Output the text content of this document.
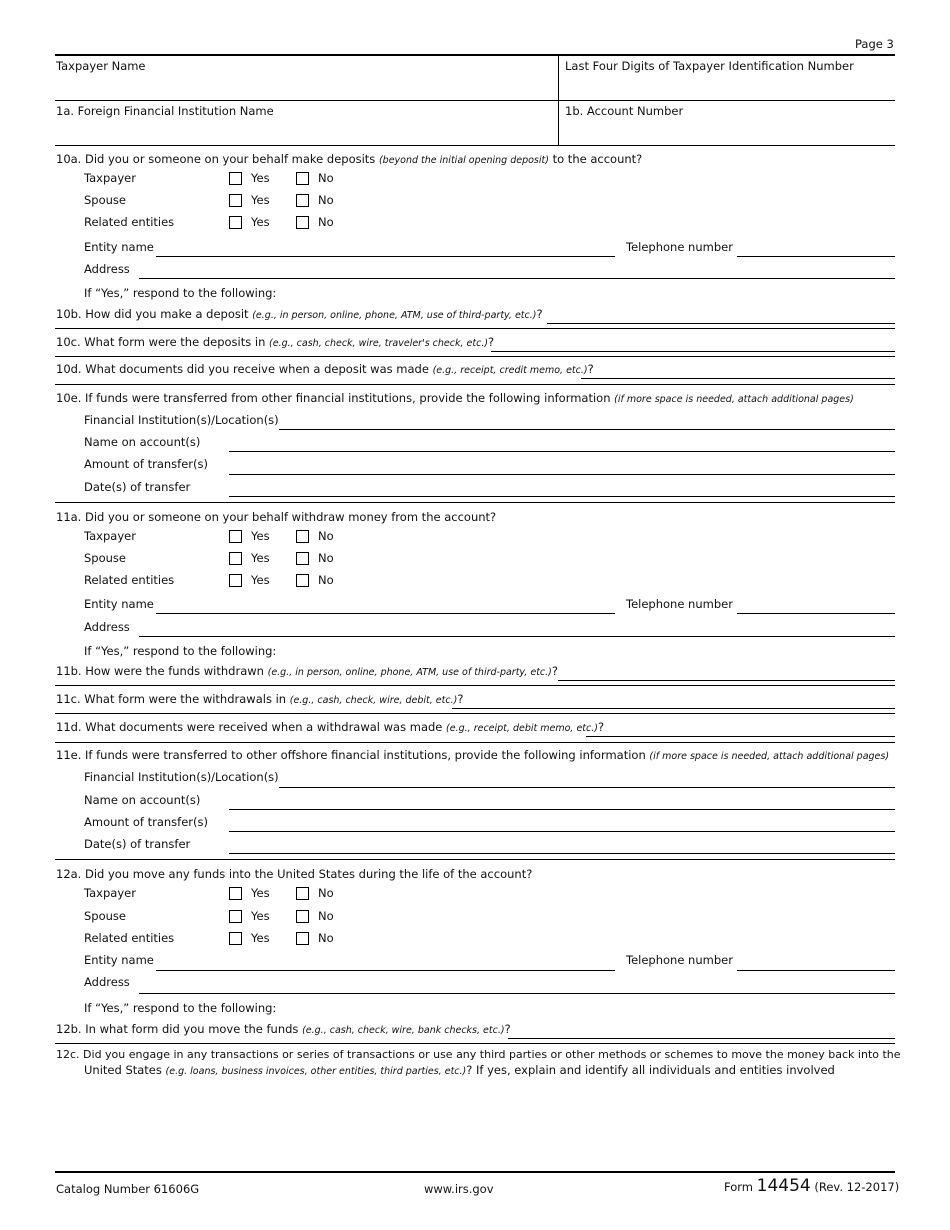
Page 3
Taxpayer Name	Last Four Digits of Taxpayer Identification Number
1a. Foreign Financial Institution Name	1b. Account Number
10a. Did you or someone on your behalf make deposits (beyond the initial opening deposit) to the account?
Taxpayer	Yes	No
Spouse	Yes	No
Related entities	Yes	No
Entity name	Telephone number
Address
If “Yes,” respond to the following:
10b. How did you make a deposit (e.g., in person, online, phone, ATM, use of third-party, etc.)?
10c. What form were the deposits in (e.g., cash, check, wire, traveler's check, etc.)?
10d. What documents did you receive when a deposit was made (e.g., receipt, credit memo, etc.)?
10e. If funds were transferred from other financial institutions, provide the following information (if more space is needed, attach additional pages)
Financial Institution(s)/Location(s)
Name on account(s)
Amount of transfer(s)
Date(s) of transfer
11a. Did you or someone on your behalf withdraw money from the account?
Taxpayer	Yes	No
Spouse	Yes	No
Related entities	Yes	No
Entity name	Telephone number
Address
If “Yes,” respond to the following:
11b. How were the funds withdrawn (e.g., in person, online, phone, ATM, use of third-party, etc.)?
11c. What form were the withdrawals in (e.g., cash, check, wire, debit, etc.)?
11d. What documents were received when a withdrawal was made (e.g., receipt, debit memo, etc.)?
11e. If funds were transferred to other offshore financial institutions, provide the following information (if more space is needed, attach additional pages)
Financial Institution(s)/Location(s)
Name on account(s)
Amount of transfer(s)
Date(s) of transfer
12a. Did you move any funds into the United States during the life of the account?
Taxpayer	Yes	No
Spouse	Yes	No
Related entities	Yes	No
Entity name	Telephone number
Address
If “Yes,” respond to the following:
12b. In what form did you move the funds (e.g., cash, check, wire, bank checks, etc.)?
12c. Did you engage in any transactions or series of transactions or use any third parties or other methods or schemes to move the money back into the
United States (e.g. loans, business invoices, other entities, third parties, etc.)? If yes, explain and identify all individuals and entities involved
Catalog Number 61606G	www.irs.gov	Form 14454 (Rev. 12-2017)
